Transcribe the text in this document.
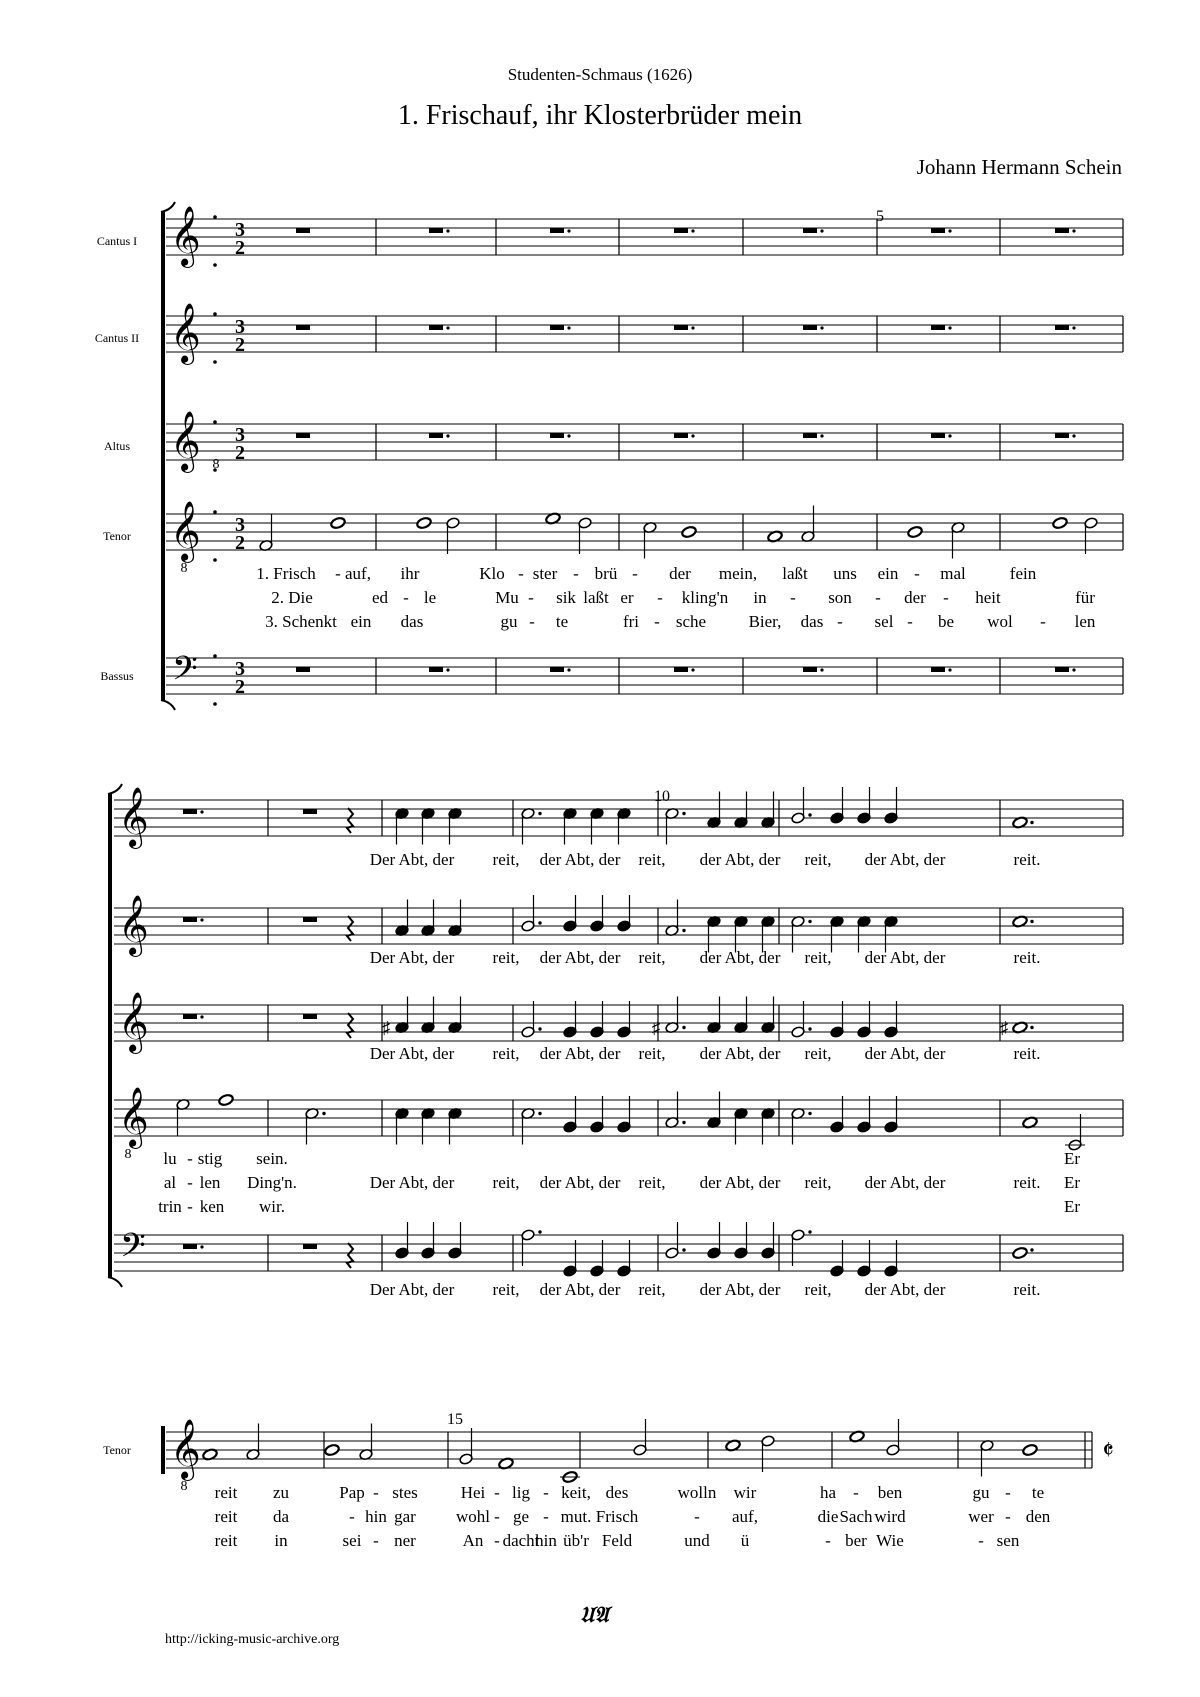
Studenten-Schmaus (1626)
1. Frischauf, ihr Klosterbrüder mein
Johann Hermann Schein
Cantus I 𝄞 3
2
Cantus II 𝄞 3
2
Altus 𝄞 3
2
8
Tenor 𝄞 3
2
Bassus 𝄢 3
2
8
5
1. Frisch - auf, ihr	Klo - ster - brü - der mein, laßt uns ein - mal	fein
2. Die	ed - le	Mu - sik laßt er - kling'n in - son - der - heit	für
3. Schenkt ein das	gu - te	fri - sche Bier, das - sel - be wol - len
𝄞
𝄞
𝄞
𝄞
8
𝄢
♯	♯	♯
10
Der Abt, der reit, der Abt, der reit, der Abt, der reit, der Abt, der	reit.
Der Abt, der reit, der Abt, der reit, der Abt, der reit, der Abt, der	reit.
Der Abt, der reit, der Abt, der reit, der Abt, der reit, der Abt, der	reit.
Der Abt, der reit, der Abt, der reit, der Abt, der reit, der Abt, der	reit.
lu - stig sein.	Er
al - len Ding'n.	Der Abt, der reit, der Abt, der reit, der Abt, der reit, der Abt, der	reit. Er
trin - ken wir.	Er
Tenor 𝄞
8
𝄵
15
reit zu	Pap - stes	Hei - lig - keit, des	wolln wir	ha - ben	gu - te
reit da	- hin gar wohl - ge - mut. Frisch	- auf,	die Sach wird	wer - den
reit in	sei - ner	An - dacht
hin üb'r Feld	und ü	- ber Wie	- sen
𝔘𝔄
http://icking-music-archive.org
